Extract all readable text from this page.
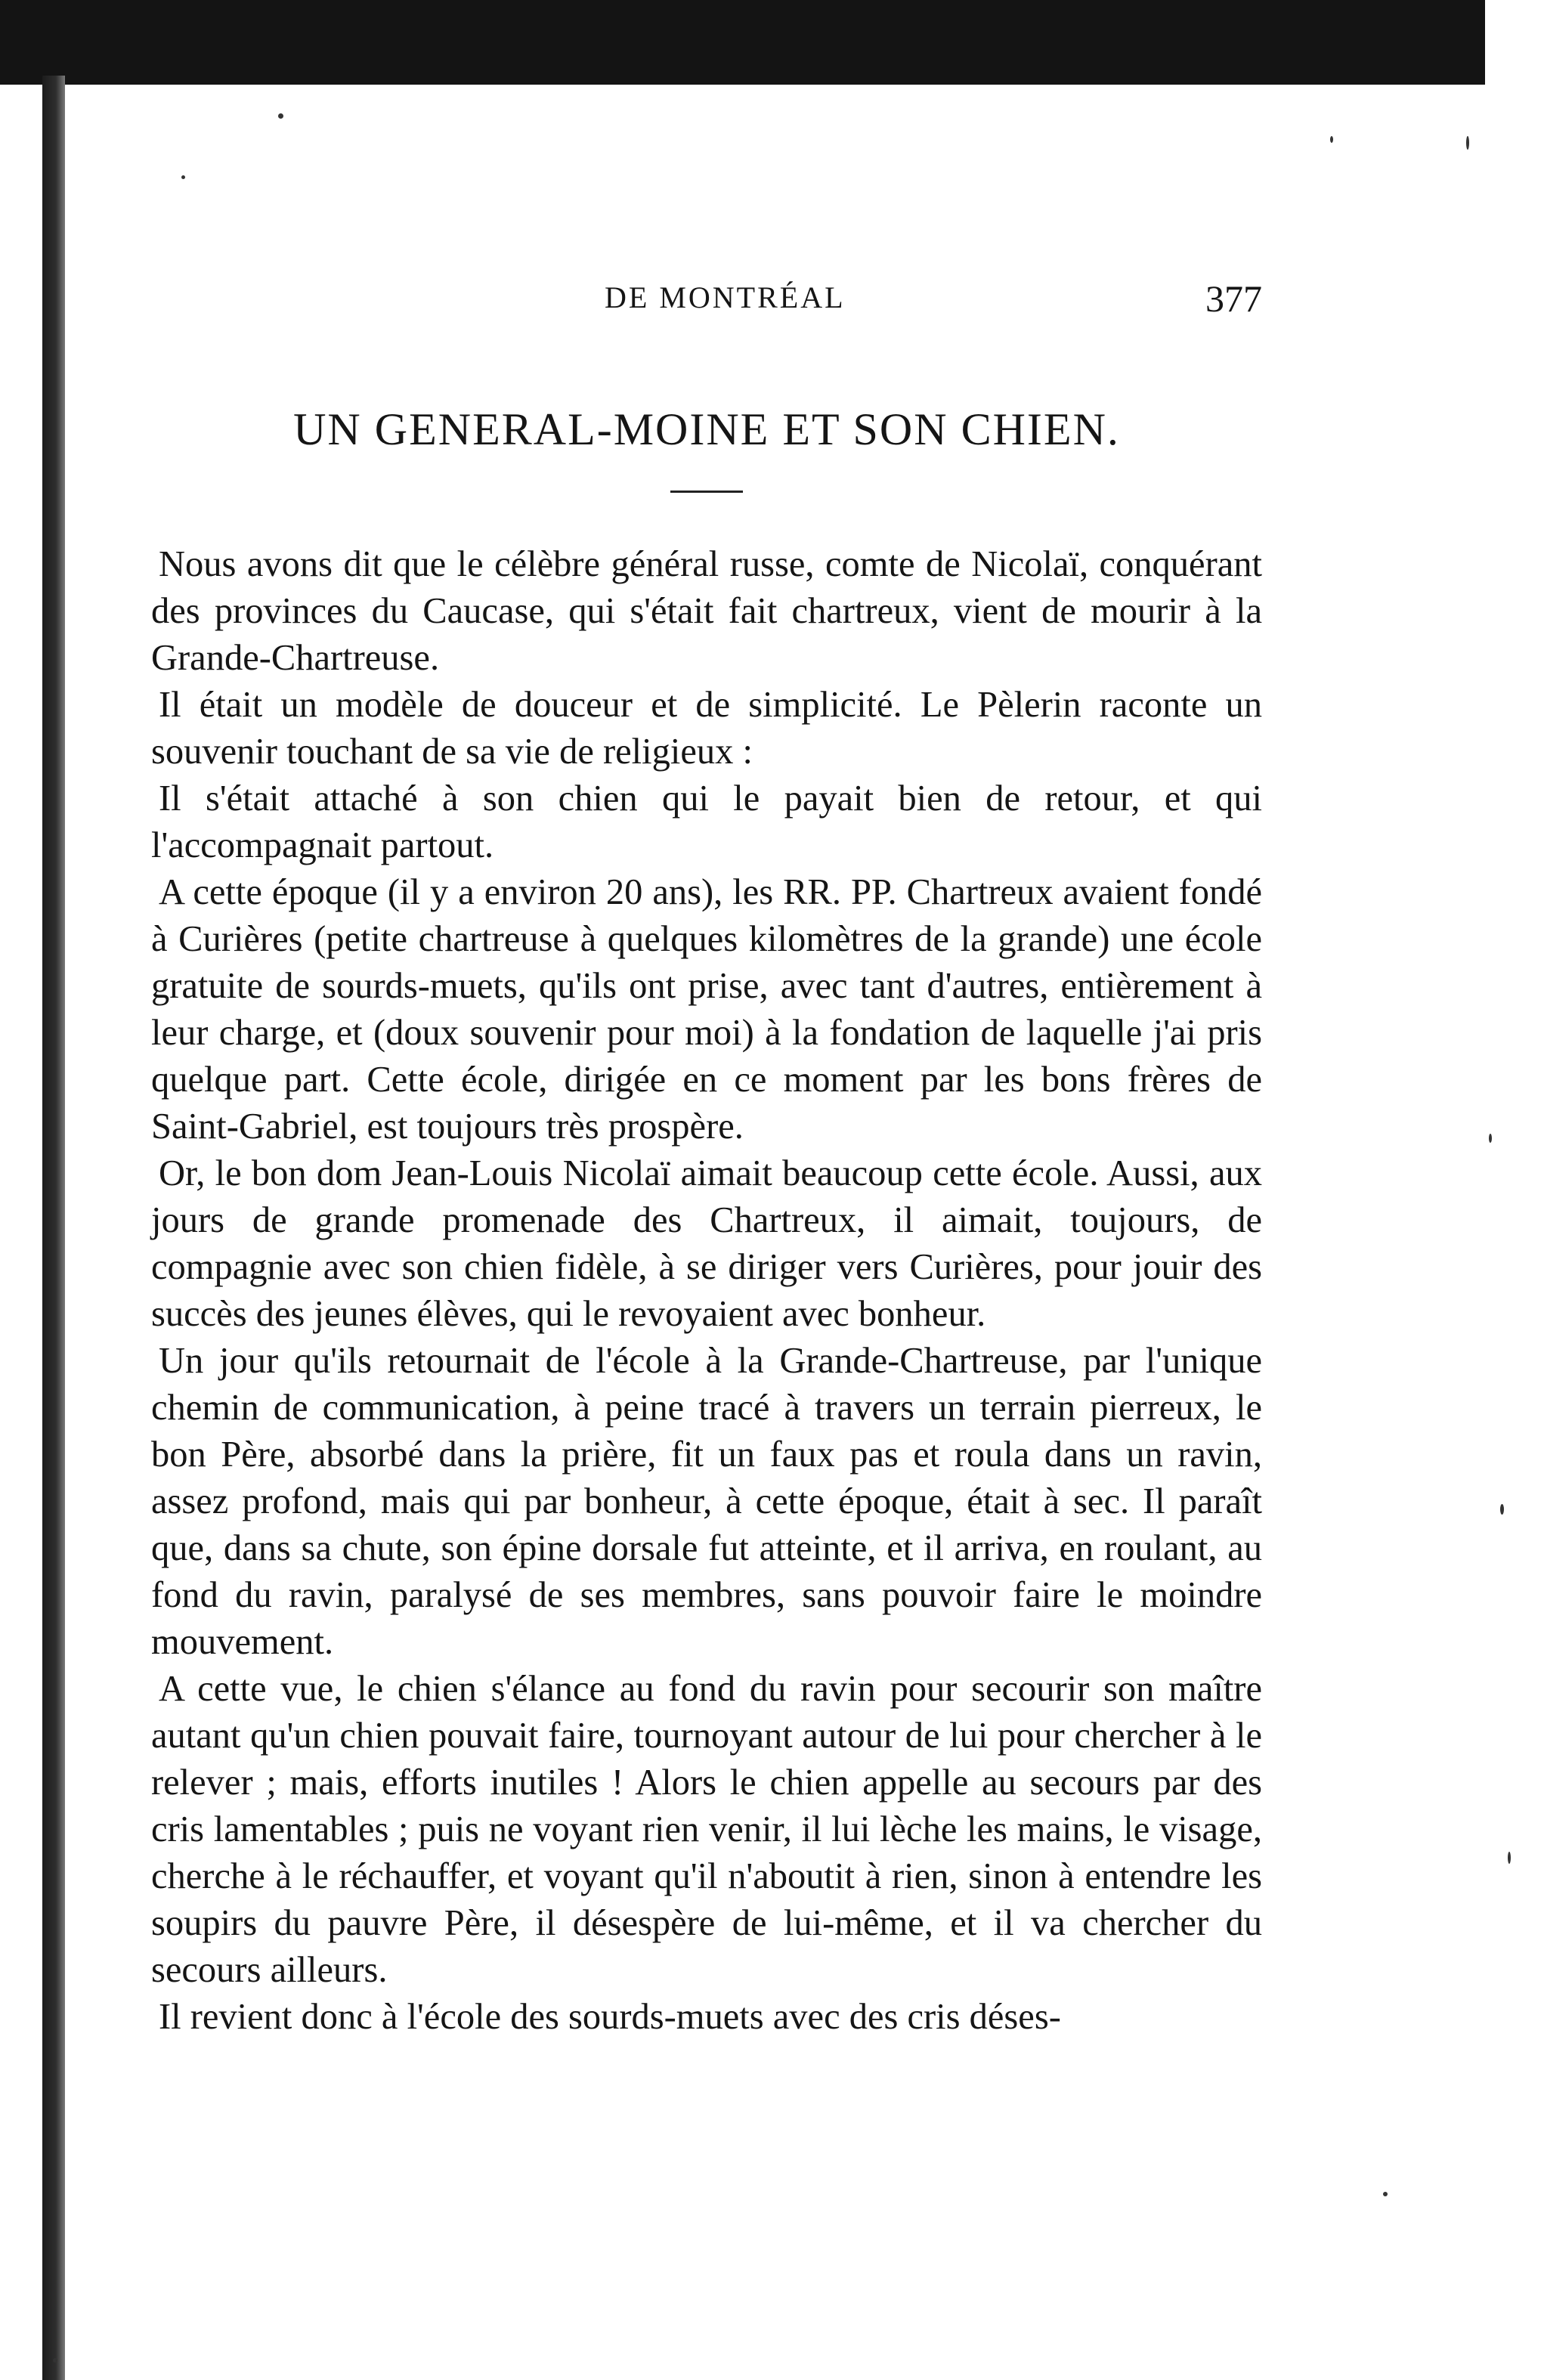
DE MONTRÉAL	377
UN GENERAL-MOINE ET SON CHIEN.

Nous avons dit que le célèbre général russe, comte de Nicolaï, conquérant des provinces du Caucase, qui s'était fait chartreux, vient de mourir à la Grande-Chartreuse.

Il était un modèle de douceur et de simplicité. Le Pèlerin raconte un souvenir touchant de sa vie de religieux :

Il s'était attaché à son chien qui le payait bien de retour, et qui l'accompagnait partout.

A cette époque (il y a environ 20 ans), les RR. PP. Chartreux avaient fondé à Curières (petite chartreuse à quelques kilomètres de la grande) une école gratuite de sourds-muets, qu'ils ont prise, avec tant d'autres, entièrement à leur charge, et (doux souvenir pour moi) à la fondation de laquelle j'ai pris quelque part. Cette école, dirigée en ce moment par les bons frères de Saint-Gabriel, est toujours très prospère.

Or, le bon dom Jean-Louis Nicolaï aimait beaucoup cette école. Aussi, aux jours de grande promenade des Chartreux, il aimait, toujours, de compagnie avec son chien fidèle, à se diriger vers Curières, pour jouir des succès des jeunes élèves, qui le revoyaient avec bonheur.

Un jour qu'ils retournait de l'école à la Grande-Chartreuse, par l'unique chemin de communication, à peine tracé à travers un terrain pierreux, le bon Père, absorbé dans la prière, fit un faux pas et roula dans un ravin, assez profond, mais qui par bonheur, à cette époque, était à sec. Il paraît que, dans sa chute, son épine dorsale fut atteinte, et il arriva, en roulant, au fond du ravin, paralysé de ses membres, sans pouvoir faire le moindre mouvement.

A cette vue, le chien s'élance au fond du ravin pour secourir son maître autant qu'un chien pouvait faire, tournoyant autour de lui pour chercher à le relever ; mais, efforts inutiles ! Alors le chien appelle au secours par des cris lamentables ; puis ne voyant rien venir, il lui lèche les mains, le visage, cherche à le réchauffer, et voyant qu'il n'aboutit à rien, sinon à entendre les soupirs du pauvre Père, il désespère de lui-même, et il va chercher du secours ailleurs.

Il revient donc à l'école des sourds-muets avec des cris déses-
